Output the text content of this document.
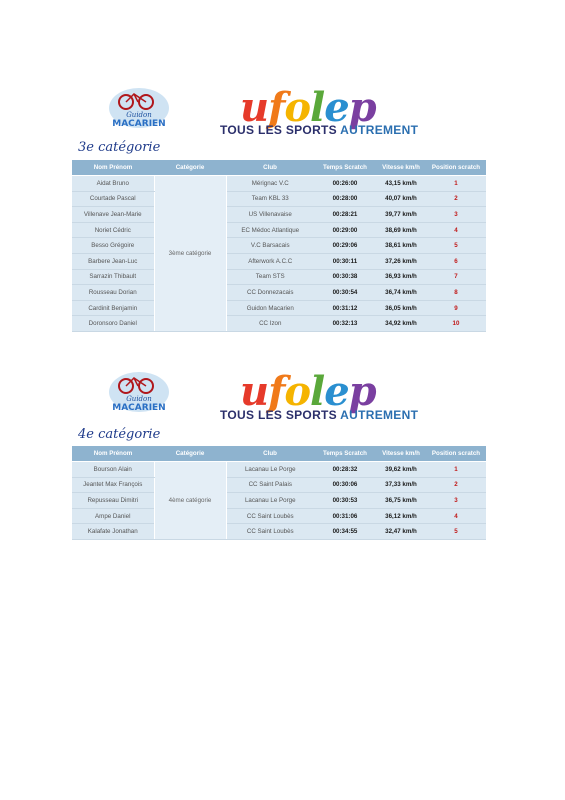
Guidon
MACARIEN ufolep
TOUS LES SPORTS AUTREMENT
3e catégorie
Nom Prénom	Catégorie	Club	Temps Scratch	Vitesse km/h	Position scratch
Aidat Bruno	3ème catégorie	Mérignac V.C	00:26:00	43,15 km/h	1
Courtade Pascal		Team KBL 33	00:28:00	40,07 km/h	2
Villenave Jean-Marie		US Villenavaise	00:28:21	39,77 km/h	3
Noriet Cédric		EC Médoc Atlantique	00:29:00	38,69 km/h	4
Besso Grégoire		V.C Barsacais	00:29:06	38,61 km/h	5
Barbere Jean-Luc		Afterwork A.C.C	00:30:11	37,26 km/h	6
Sarrazin Thibault		Team STS	00:30:38	36,93 km/h	7
Rousseau Dorian		CC Donnezacais	00:30:54	36,74 km/h	8
Cardinit Benjamin		Guidon Macarien	00:31:12	36,05 km/h	9
Doronsoro Daniel		CC Izon	00:32:13	34,92 km/h	10
Guidon
MACARIEN ufolep
TOUS LES SPORTS AUTREMENT
4e catégorie
Nom Prénom	Catégorie	Club	Temps Scratch	Vitesse km/h	Position scratch
Bourson Alain	4ème catégorie	Lacanau Le Porge	00:28:32	39,62 km/h	1
Jeantet Max François		CC Saint Palais	00:30:06	37,33 km/h	2
Repusseau Dimitri		Lacanau Le Porge	00:30:53	36,75 km/h	3
Ampe Daniel		CC Saint Loubès	00:31:06	36,12 km/h	4
Kalafate Jonathan		CC Saint Loubès	00:34:55	32,47 km/h	5
